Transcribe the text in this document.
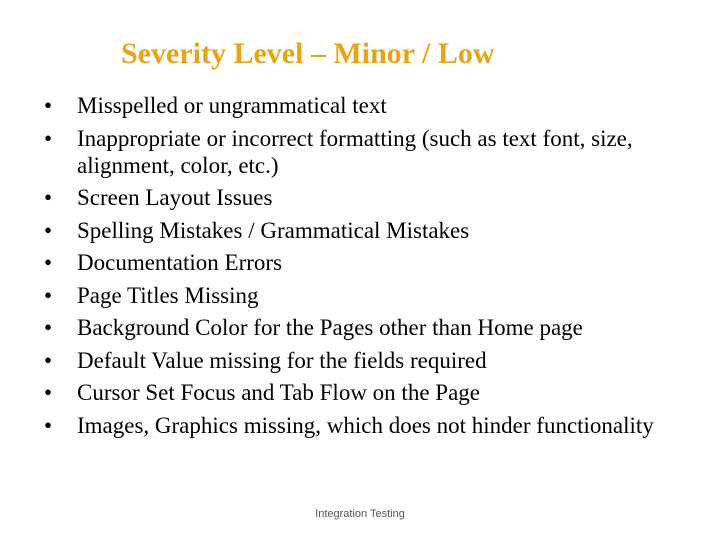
Severity Level – Minor / Low
•	Misspelled or ungrammatical text
•	Inappropriate or incorrect formatting (such as text font, size, alignment, color, etc.)
•	Screen Layout Issues
•	Spelling Mistakes / Grammatical Mistakes
•	Documentation Errors
•	Page Titles Missing
•	Background Color for the Pages other than Home page
•	Default Value missing for the fields required
•	Cursor Set Focus and Tab Flow on the Page
•	Images, Graphics missing, which does not hinder functionality
Integration Testing
